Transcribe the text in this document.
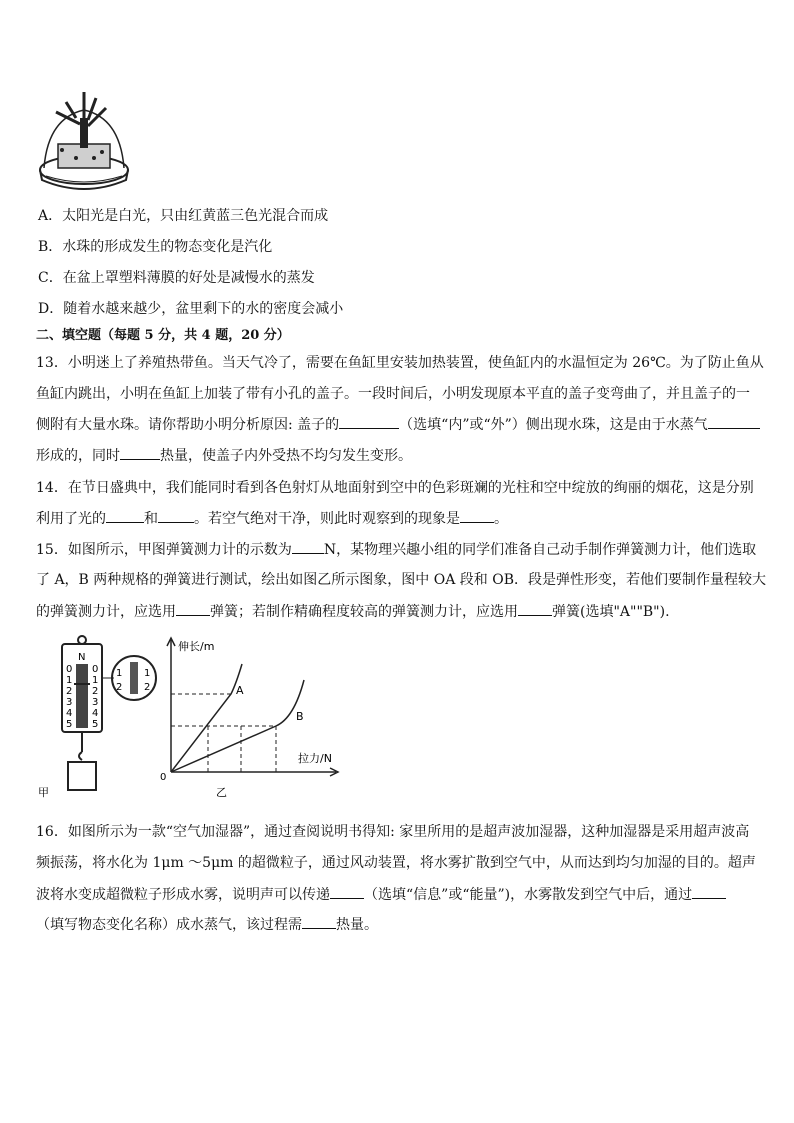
A．太阳光是白光，只由红黄蓝三色光混合而成
B．水珠的形成发生的物态变化是汽化
C．在盆上罩塑料薄膜的好处是减慢水的蒸发
D．随着水越来越少，盆里剩下的水的密度会减小
二、填空题（每题 5 分，共 4 题，20 分）
13．小明迷上了养殖热带鱼。当天气冷了，需要在鱼缸里安装加热装置，使鱼缸内的水温恒定为 26℃。为了防止鱼从
鱼缸内跳出，小明在鱼缸上加装了带有小孔的盖子。一段时间后，小明发现原本平直的盖子变弯曲了，并且盖子的一
侧附有大量水珠。请你帮助小明分析原因: 盖子的	（选填“内”或“外”）侧出现水珠，这是由于水蒸气
形成的，同时	热量，使盖子内外受热不均匀发生变形。
14．在节日盛典中，我们能同时看到各色射灯从地面射到空中的色彩斑斓的光柱和空中绽放的绚丽的烟花，这是分别
利用了光的	和	。若空气绝对干净，则此时观察到的现象是 。
15．如图所示，甲图弹簧测力计的示数为 N，某物理兴趣小组的同学们准备自己动手制作弹簧测力计，他们选取
了 A，B 两种规格的弹簧进行测试，绘出如图乙所示图象，图中 OA 段和 OB．段是弹性形变，若他们要制作量程较大
的弹簧测力计，应选用 弹簧；若制作精确程度较高的弹簧测力计，应选用 弹簧(选填"A""B").
N
0
1
2
3
4
5
0
1
2
3
4
5
甲
1
2
1
2
伸长/m
拉力/N
0
A
B
乙
16．如图所示为一款“空气加湿器”，通过查阅说明书得知: 家里所用的是超声波加湿器，这种加湿器是采用超声波高
频振荡，将水化为 1μm ～5μm 的超微粒子，通过风动装置，将水雾扩散到空气中，从而达到均匀加湿的目的。超声
波将水变成超微粒子形成水雾，说明声可以传递 （选填“信息”或“能量”)，水雾散发到空气中后，通过
（填写物态变化名称）成水蒸气，该过程需 热量。
